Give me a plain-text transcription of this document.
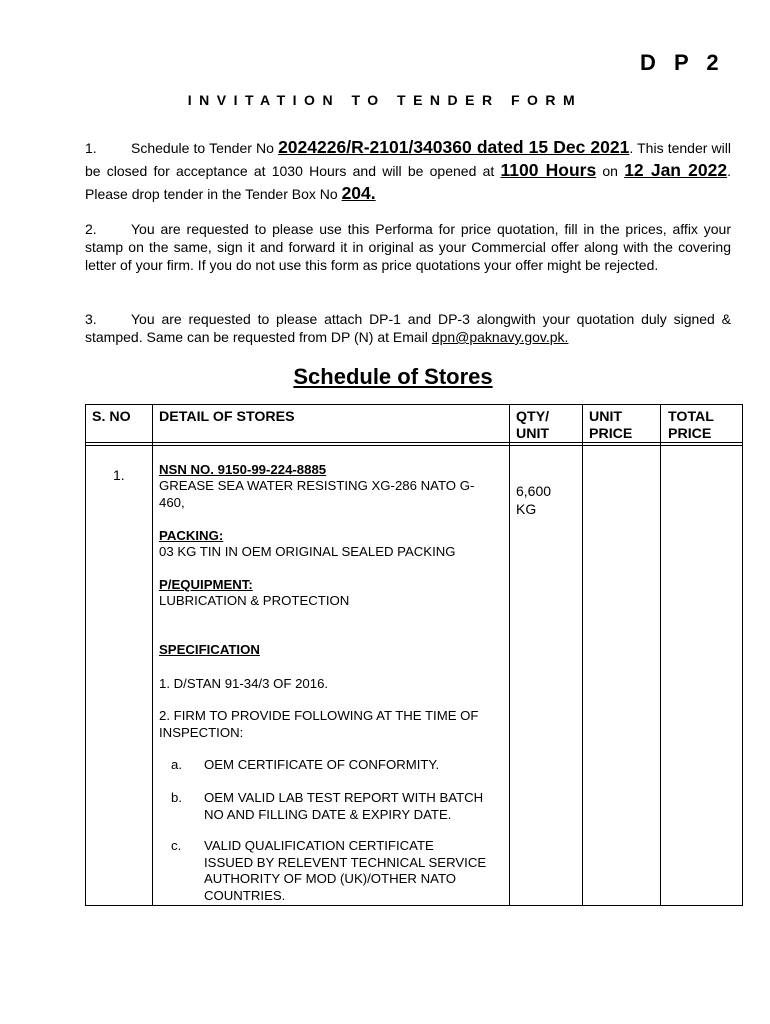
D P 2
INVITATION TO TENDER FORM
1. Schedule to Tender No 2024226/R-2101/340360 dated 15 Dec 2021. This tender will be closed for acceptance at 1030 Hours and will be opened at 1100 Hours on 12 Jan 2022. Please drop tender in the Tender Box No 204.
2. You are requested to please use this Performa for price quotation, fill in the prices, affix your stamp on the same, sign it and forward it in original as your Commercial offer along with the covering letter of your firm. If you do not use this form as price quotations your offer might be rejected.
3. You are requested to please attach DP-1 and DP-3 alongwith your quotation duly signed & stamped. Same can be requested from DP (N) at Email dpn@paknavy.gov.pk.
Schedule of Stores
S. NO DETAIL OF STORES	QTY/
UNIT
UNIT
PRICE
TOTAL
PRICE
1.	NSN NO. 9150-99-224-8885
GREASE SEA WATER RESISTING XG-286 NATO G-
460,
PACKING:
03 KG TIN IN OEM ORIGINAL SEALED PACKING
P/EQUIPMENT:
LUBRICATION & PROTECTION
SPECIFICATION
1. D/STAN 91-34/3 OF 2016.
2. FIRM TO PROVIDE FOLLOWING AT THE TIME OF
INSPECTION:
a. OEM CERTIFICATE OF CONFORMITY.
b. OEM VALID LAB TEST REPORT WITH BATCH
NO AND FILLING DATE & EXPIRY DATE.
c. VALID QUALIFICATION CERTIFICATE
ISSUED BY RELEVENT TECHNICAL SERVICE
AUTHORITY OF MOD (UK)/OTHER NATO
COUNTRIES.
6,600
KG
